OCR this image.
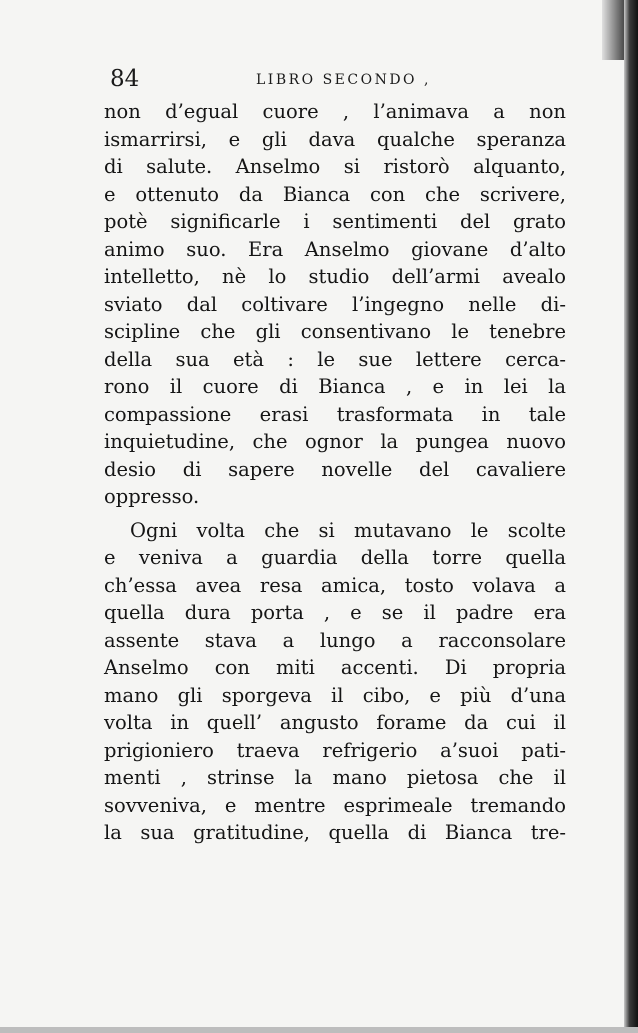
84	LIBRO SECONDO ,
non d’egual cuore , l’animava a non
ismarrirsi, e gli dava qualche speranza
di salute. Anselmo si ristorò alquanto,
e ottenuto da Bianca con che scrivere,
potè significarle i sentimenti del grato
animo suo. Era Anselmo giovane d’alto
intelletto, nè lo studio dell’armi avealo
sviato dal coltivare l’ingegno nelle di-
scipline che gli consentivano le tenebre
della sua età : le sue lettere cerca-
rono il cuore di Bianca , e in lei la
compassione erasi trasformata in tale
inquietudine, che ognor la pungea nuovo
desio di sapere novelle del cavaliere
oppresso.
Ogni volta che si mutavano le scolte
e veniva a guardia della torre quella
ch’essa avea resa amica, tosto volava a
quella dura porta , e se il padre era
assente stava a lungo a racconsolare
Anselmo con miti accenti. Di propria
mano gli sporgeva il cibo, e più d’una
volta in quell’ angusto forame da cui il
prigioniero traeva refrigerio a’suoi pati-
menti , strinse la mano pietosa che il
sovveniva, e mentre esprimeale tremando
la sua gratitudine, quella di Bianca tre-
